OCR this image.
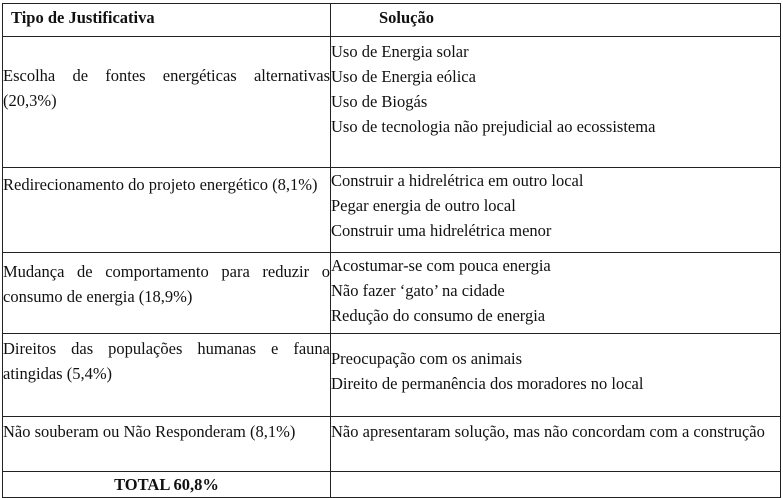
Tipo de Justificativa	Solução

Escolha de fontes energéticas alternativas (20,3%)	Uso de Energia solar
Uso de Energia eólica
Uso de Biogás
Uso de tecnologia não prejudicial ao ecossistema

Redirecionamento do projeto energético (8,1%)	Construir a hidrelétrica em outro local
Pegar energia de outro local
Construir uma hidrelétrica menor

Mudança de comportamento para reduzir o consumo de energia (18,9%)	Acostumar-se com pouca energia
Não fazer ‘gato’ na cidade
Redução do consumo de energia

Direitos das populações humanas e fauna atingidas (5,4%)	Preocupação com os animais
Direito de permanência dos moradores no local

Não souberam ou Não Responderam (8,1%)	Não apresentaram solução, mas não concordam com a construção

TOTAL 60,8%	
